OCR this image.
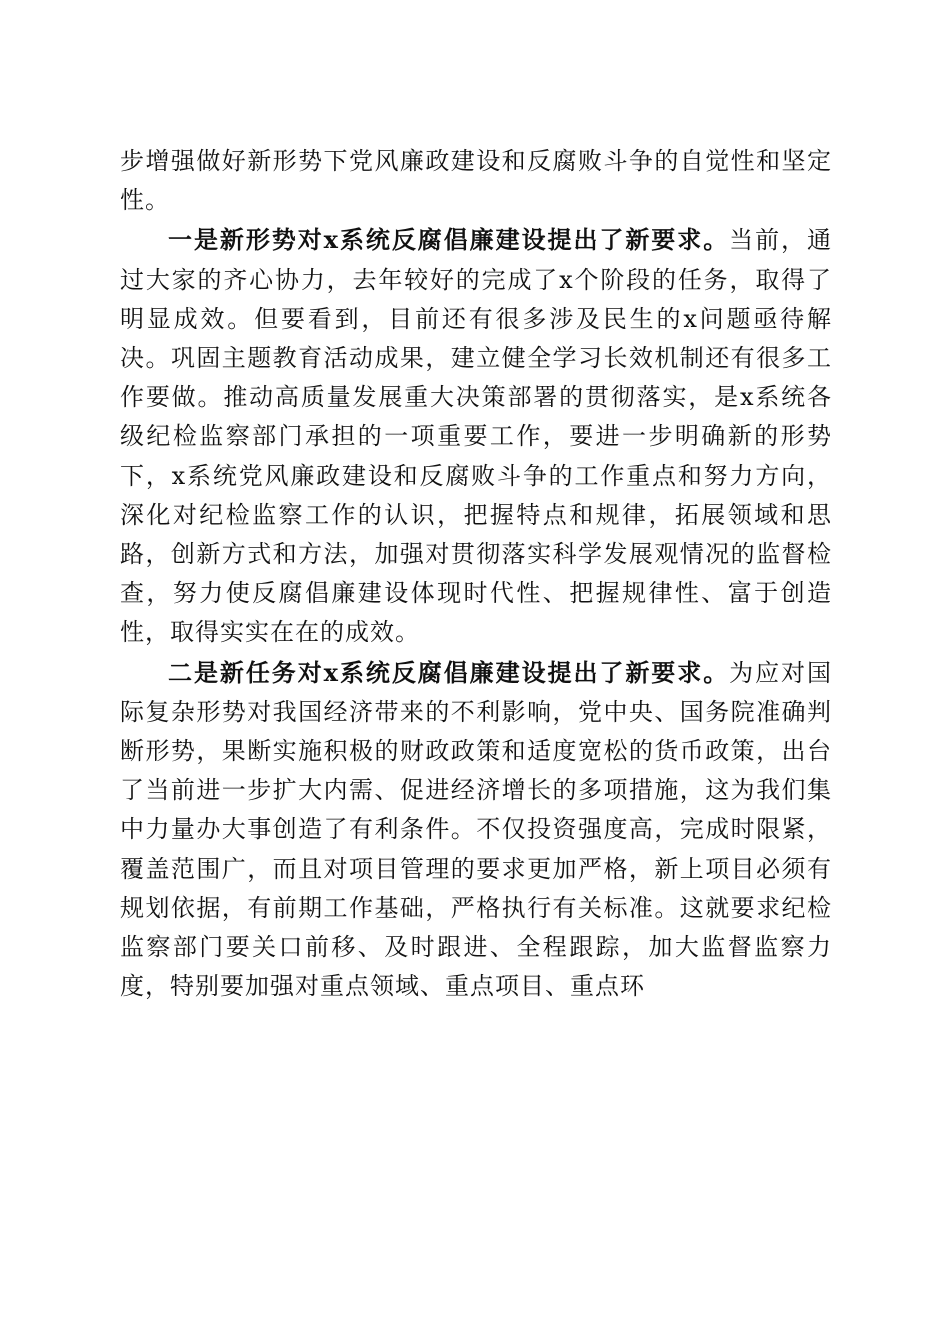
步增强做好新形势下党风廉政建设和反腐败斗争的自觉性和坚定性。

一是新形势对x系统反腐倡廉建设提出了新要求。当前，通过大家的齐心协力，去年较好的完成了x个阶段的任务，取得了明显成效。但要看到，目前还有很多涉及民生的x问题亟待解决。巩固主题教育活动成果，建立健全学习长效机制还有很多工作要做。推动高质量发展重大决策部署的贯彻落实，是x系统各级纪检监察部门承担的一项重要工作，要进一步明确新的形势下，x系统党风廉政建设和反腐败斗争的工作重点和努力方向，深化对纪检监察工作的认识，把握特点和规律，拓展领域和思路，创新方式和方法，加强对贯彻落实科学发展观情况的监督检查，努力使反腐倡廉建设体现时代性、把握规律性、富于创造性，取得实实在在的成效。

二是新任务对x系统反腐倡廉建设提出了新要求。为应对国际复杂形势对我国经济带来的不利影响，党中央、国务院准确判断形势，果断实施积极的财政政策和适度宽松的货币政策，出台了当前进一步扩大内需、促进经济增长的多项措施，这为我们集中力量办大事创造了有利条件。不仅投资强度高，完成时限紧，覆盖范围广，而且对项目管理的要求更加严格，新上项目必须有规划依据，有前期工作基础，严格执行有关标准。这就要求纪检监察部门要关口前移、及时跟进、全程跟踪，加大监督监察力度，特别要加强对重点领域、重点项目、重点环
